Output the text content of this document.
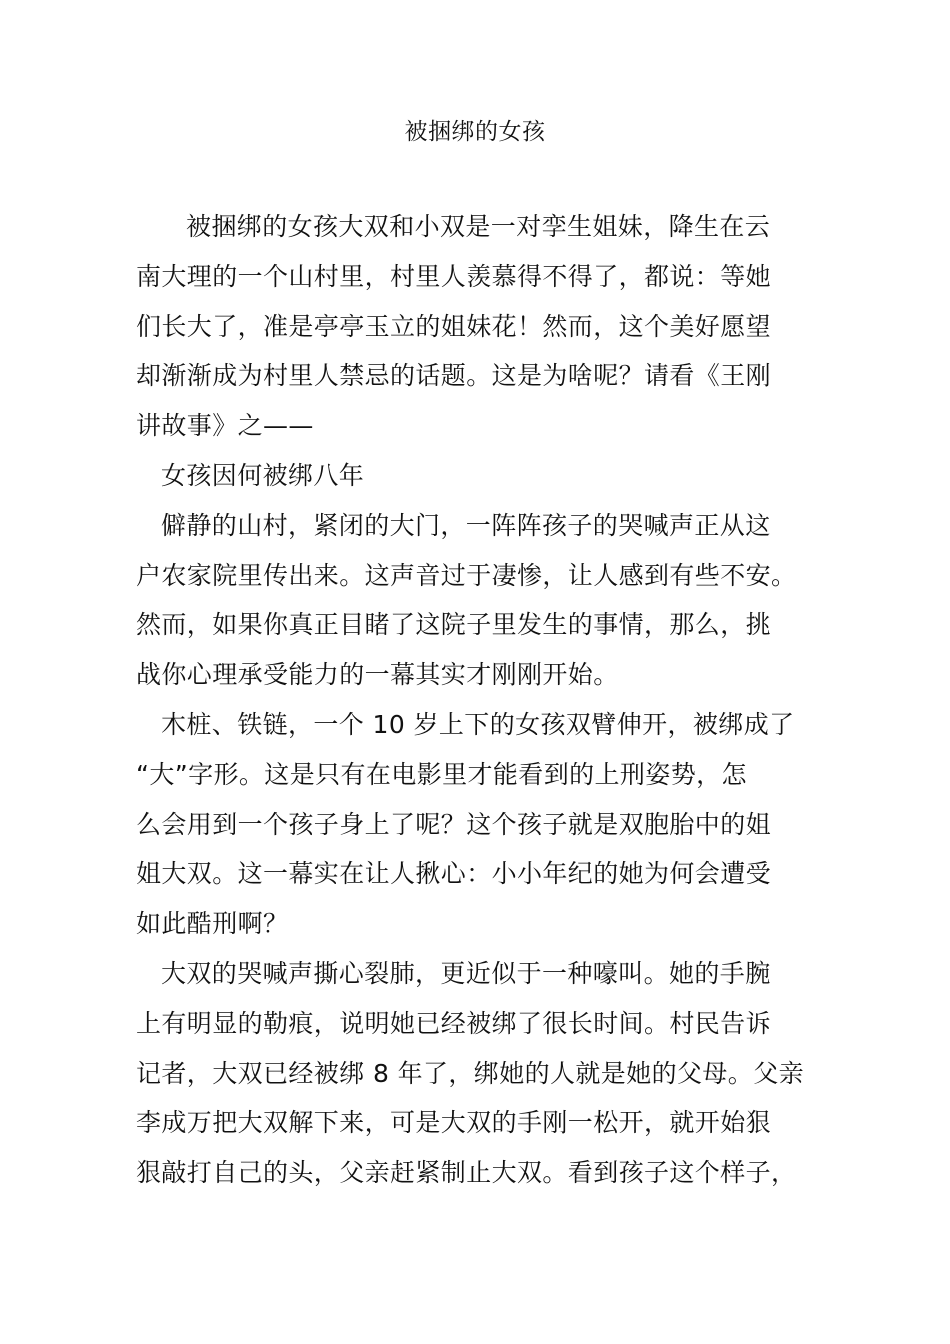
被捆绑的女孩
被捆绑的女孩大双和小双是一对孪生姐妹，降生在云
南大理的一个山村里，村里人羡慕得不得了，都说：等她
们长大了，准是亭亭玉立的姐妹花！然而，这个美好愿望
却渐渐成为村里人禁忌的话题。这是为啥呢？请看《王刚
讲故事》之——
女孩因何被绑八年
僻静的山村，紧闭的大门，一阵阵孩子的哭喊声正从这
户农家院里传出来。这声音过于凄惨，让人感到有些不安。
然而，如果你真正目睹了这院子里发生的事情，那么，挑
战你心理承受能力的一幕其实才刚刚开始。
木桩、铁链，一个 10 岁上下的女孩双臂伸开，被绑成了
“大”字形。这是只有在电影里才能看到的上刑姿势，怎
么会用到一个孩子身上了呢？这个孩子就是双胞胎中的姐
姐大双。这一幕实在让人揪心：小小年纪的她为何会遭受
如此酷刑啊？
大双的哭喊声撕心裂肺，更近似于一种嚎叫。她的手腕
上有明显的勒痕，说明她已经被绑了很长时间。村民告诉
记者，大双已经被绑 8 年了，绑她的人就是她的父母。父亲
李成万把大双解下来，可是大双的手刚一松开，就开始狠
狠敲打自己的头，父亲赶紧制止大双。看到孩子这个样子，
